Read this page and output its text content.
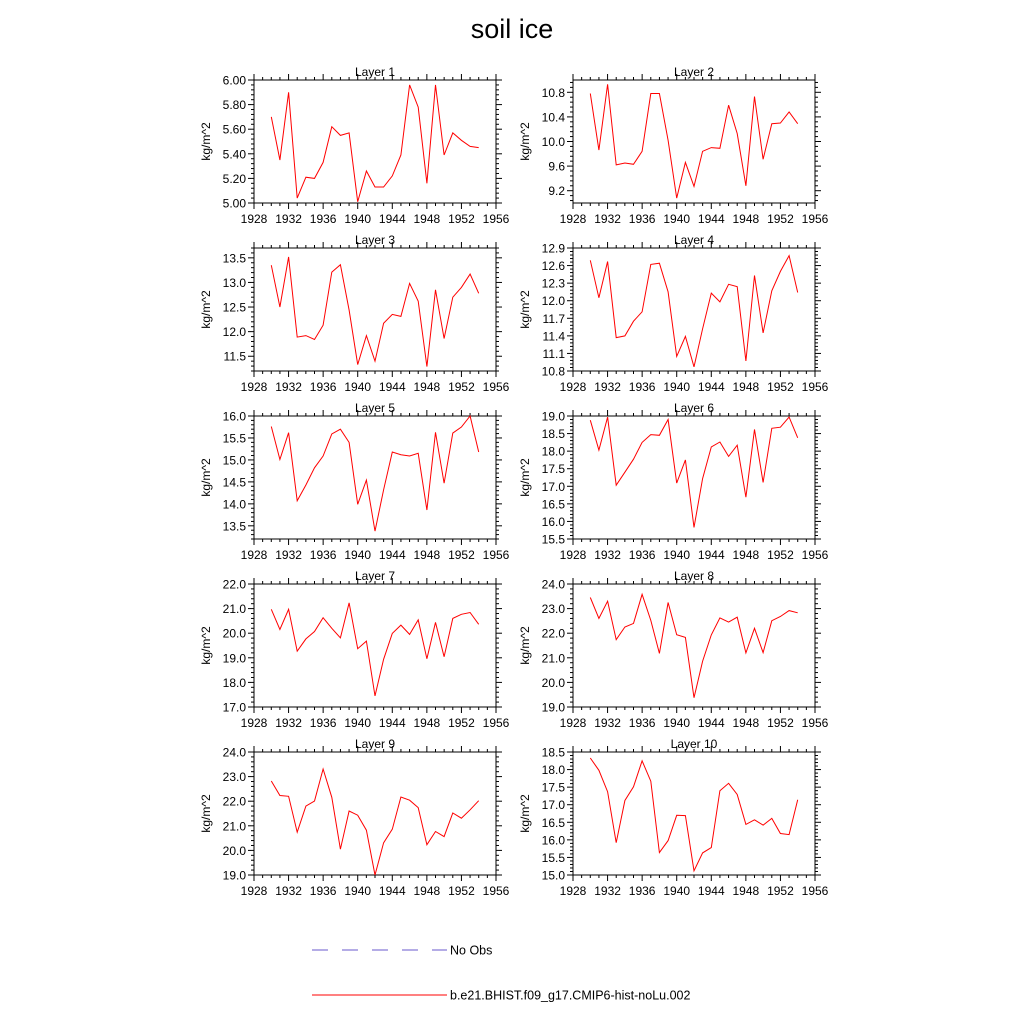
soil ice
Layer 1
kg/m^2
1928 1932 1936 1940 1944 1948 1952 1956
5.00
5.20
5.40
5.60
5.80
6.00
Layer 2
kg/m^2
1928 1932 1936 1940 1944 1948 1952 1956
9.2
9.6
10.0
10.4
10.8
Layer 3
kg/m^2
1928 1932 1936 1940 1944 1948 1952 1956
11.5
12.0
12.5
13.0
13.5
Layer 4
kg/m^2
1928 1932 1936 1940 1944 1948 1952 1956
10.8
11.1
11.4
11.7
12.0
12.3
12.6
12.9
Layer 5
kg/m^2
1928 1932 1936 1940 1944 1948 1952 1956
13.5
14.0
14.5
15.0
15.5
16.0
Layer 6
kg/m^2
1928 1932 1936 1940 1944 1948 1952 1956
15.5
16.0
16.5
17.0
17.5
18.0
18.5
19.0
Layer 7
kg/m^2
1928 1932 1936 1940 1944 1948 1952 1956
17.0
18.0
19.0
20.0
21.0
22.0
Layer 8
kg/m^2
1928 1932 1936 1940 1944 1948 1952 1956
19.0
20.0
21.0
22.0
23.0
24.0
Layer 9
kg/m^2
1928 1932 1936 1940 1944 1948 1952 1956
19.0
20.0
21.0
22.0
23.0
24.0
Layer 10
kg/m^2
1928 1932 1936 1940 1944 1948 1952 1956
15.0
15.5
16.0
16.5
17.0
17.5
18.0
18.5
No Obs
b.e21.BHIST.f09_g17.CMIP6-hist-noLu.002
